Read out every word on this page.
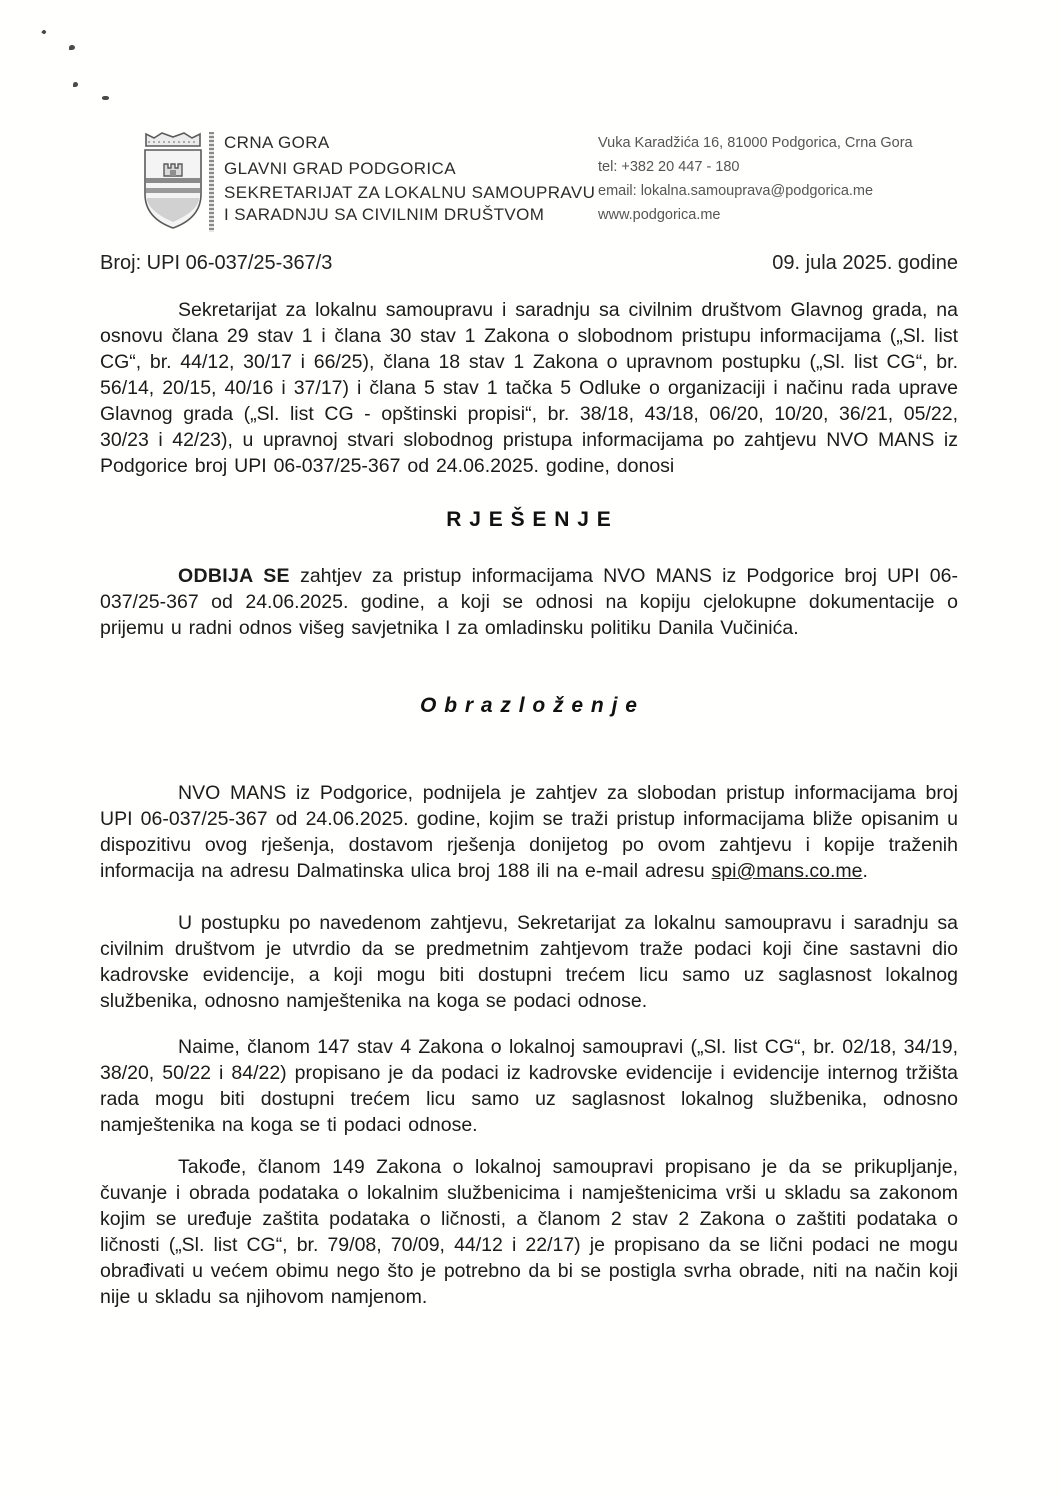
CRNA GORA
GLAVNI GRAD PODGORICA
SEKRETARIJAT ZA LOKALNU SAMOUPRAVU
I SARADNJU SA CIVILNIM DRUŠTVOM
Vuka Karadžića 16, 81000 Podgorica, Crna Gora
tel: +382 20 447 - 180
email: lokalna.samouprava@podgorica.me
www.podgorica.me
Broj: UPI 06-037/25-367/3	09. jula 2025. godine

Sekretarijat za lokalnu samoupravu i saradnju sa civilnim društvom Glavnog grada, na osnovu člana 29 stav 1 i člana 30 stav 1 Zakona o slobodnom pristupu informacijama („Sl. list CG“, br. 44/12, 30/17 i 66/25), člana 18 stav 1 Zakona o upravnom postupku („Sl. list CG“, br. 56/14, 20/15, 40/16 i 37/17) i člana 5 stav 1 tačka 5 Odluke o organizaciji i načinu rada uprave Glavnog grada („Sl. list CG - opštinski propisi“, br. 38/18, 43/18, 06/20, 10/20, 36/21, 05/22, 30/23 i 42/23), u upravnoj stvari slobodnog pristupa informacijama po zahtjevu NVO MANS iz Podgorice broj UPI 06-037/25-367 od 24.06.2025. godine, donosi

R J E Š E N J E

ODBIJA SE zahtjev za pristup informacijama NVO MANS iz Podgorice broj UPI 06-037/25-367 od 24.06.2025. godine, a koji se odnosi na kopiju cjelokupne dokumentacije o prijemu u radni odnos višeg savjetnika I za omladinsku politiku Danila Vučinića.

O b r a z l o ž e n j e

NVO MANS iz Podgorice, podnijela je zahtjev za slobodan pristup informacijama broj UPI 06-037/25-367 od 24.06.2025. godine, kojim se traži pristup informacijama bliže opisanim u dispozitivu ovog rješenja, dostavom rješenja donijetog po ovom zahtjevu i kopije traženih informacija na adresu Dalmatinska ulica broj 188 ili na e-mail adresu spi@mans.co.me.

U postupku po navedenom zahtjevu, Sekretarijat za lokalnu samoupravu i saradnju sa civilnim društvom je utvrdio da se predmetnim zahtjevom traže podaci koji čine sastavni dio kadrovske evidencije, a koji mogu biti dostupni trećem licu samo uz saglasnost lokalnog službenika, odnosno namještenika na koga se podaci odnose.

Naime, članom 147 stav 4 Zakona o lokalnoj samoupravi („Sl. list CG“, br. 02/18, 34/19, 38/20, 50/22 i 84/22) propisano je da podaci iz kadrovske evidencije i evidencije internog tržišta rada mogu biti dostupni trećem licu samo uz saglasnost lokalnog službenika, odnosno namještenika na koga se ti podaci odnose.

Takođe, članom 149 Zakona o lokalnoj samoupravi propisano je da se prikupljanje, čuvanje i obrada podataka o lokalnim službenicima i namještenicima vrši u skladu sa zakonom kojim se uređuje zaštita podataka o ličnosti, a članom 2 stav 2 Zakona o zaštiti podataka o ličnosti („Sl. list CG“, br. 79/08, 70/09, 44/12 i 22/17) je propisano da se lični podaci ne mogu obrađivati u većem obimu nego što je potrebno da bi se postigla svrha obrade, niti na način koji nije u skladu sa njihovom namjenom.
